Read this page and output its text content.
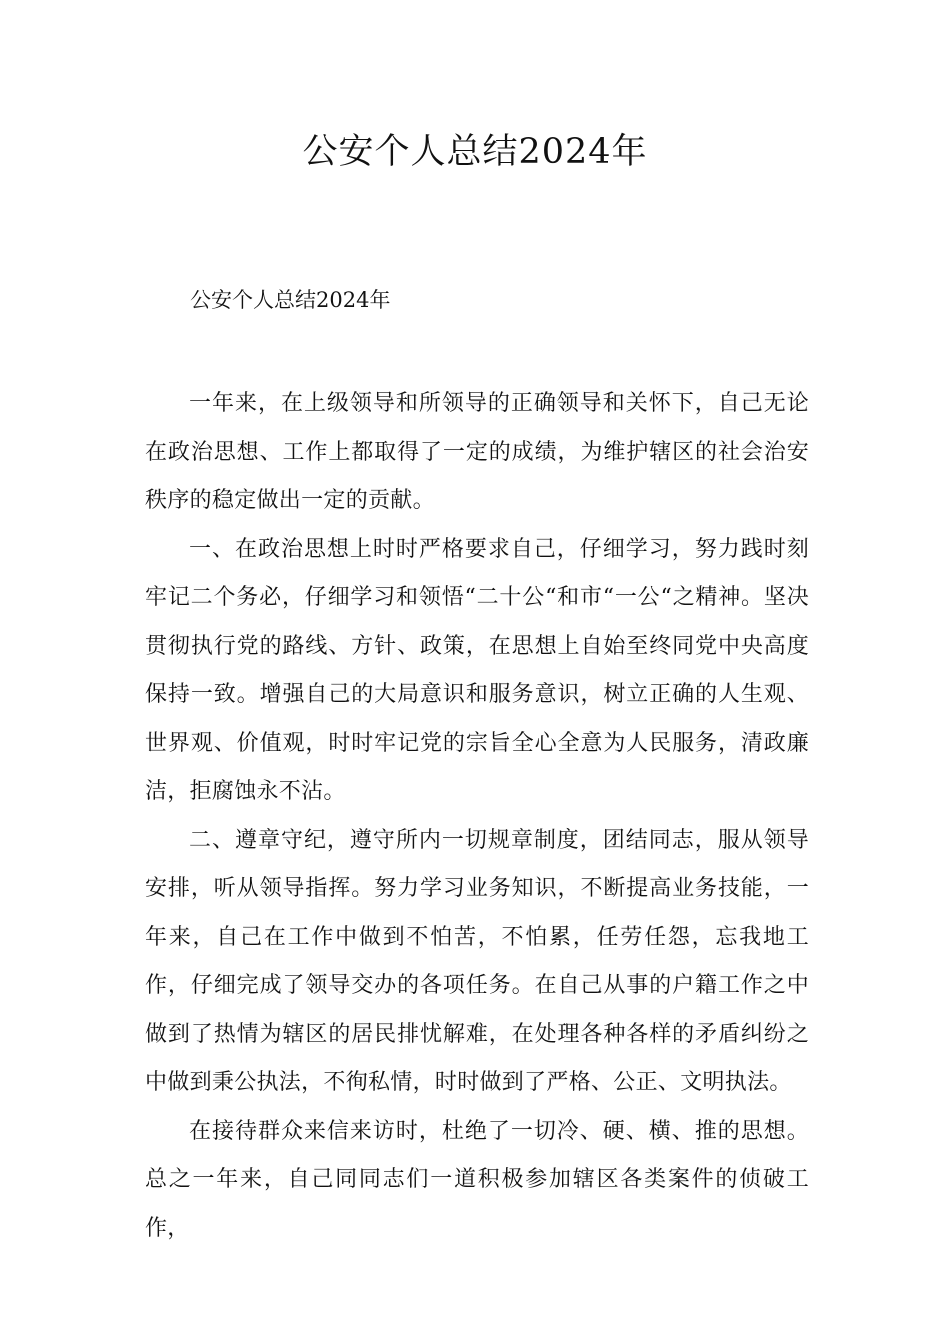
公安个人总结2024年

公安个人总结2024年

一年来，在上级领导和所领导的正确领导和关怀下，自己无论在政治思想、工作上都取得了一定的成绩，为维护辖区的社会治安秩序的稳定做出一定的贡献。

一、在政治思想上时时严格要求自己，仔细学习，努力践时刻牢记二个务必，仔细学习和领悟“二十公“和市“一公“之精神。坚决贯彻执行党的路线、方针、政策，在思想上自始至终同党中央高度保持一致。增强自己的大局意识和服务意识，树立正确的人生观、世界观、价值观，时时牢记党的宗旨全心全意为人民服务，清政廉洁，拒腐蚀永不沾。

二、遵章守纪，遵守所内一切规章制度，团结同志，服从领导安排，听从领导指挥。努力学习业务知识，不断提高业务技能，一年来，自己在工作中做到不怕苦，不怕累，任劳任怨，忘我地工作，仔细完成了领导交办的各项任务。在自己从事的户籍工作之中做到了热情为辖区的居民排忧解难，在处理各种各样的矛盾纠纷之中做到秉公执法，不徇私情，时时做到了严格、公正、文明执法。

在接待群众来信来访时，杜绝了一切冷、硬、横、推的思想。总之一年来，自己同同志们一道积极参加辖区各类案件的侦破工作，
